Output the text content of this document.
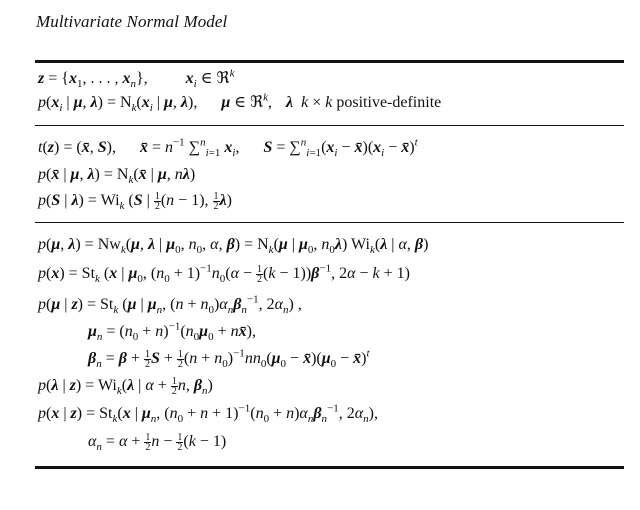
Multivariate Normal Model
$z = \{x_1$, . . . , $x_n$}, $x_i$ ∈ ℜ$^k$
$p(x_i$ | μ, $\lambda) = N_k(x_i$ | μ, λ), μ ∈ ℜ$^k$, λ k × k positive-definite
t(z) = (x̄, S), x̄ = $n^{-1}$ ∑$^n_{i=1}$ $x_i$, $S = \sum^n_{i=1}(x_i$ − $x̄)(x_i$ − x̄)$^t$
p(x̄ | μ, $\lambda) = N_k(x̄$ | μ, nλ)
p(S | $\lambda) = Wi_k$ (S | $\frac{1}{2} (n - 1)$, $\frac{1}{2} \lambda$)
p(μ, $\lambda) = Nw_k(\mu$, λ | $\mu_0$, $n_0$, α, $\beta) = N_k(\mu$ | $\mu_0$, $n_0\lambda$) $Wi_k(\lambda$ | α, β)
$p(x) = St_k$ (x | $\mu_0$, $(n_0 + 1)^{-1}n_0(\alpha - \frac{1}{2} (k - 1))\beta^{-1}$, 2α − k + 1)
p(μ | $z) = St_k$ (μ | $\mu_n$, $(n + n_0)\alpha_n\beta_n^{-1}$, $2\alpha_n$) ,
$\mu_n = (n_0 + n)^{-1}(n_0\mu_0$ + nx̄),
$\beta_n = \beta + \frac{1}{2}$ $S + \frac{1}{2} (n + n_0)^{-1}nn_0(\mu_0$ − $x̄)(\mu_0$ − x̄)$^t$
p(λ | $z) = Wi_k(\lambda$ | $\alpha + \frac{1}{2} n$, $\beta_n$)
p(x | $z) = St_k(x$ | $\mu_n$, $(n_0 + n + 1)^{-1}(n_0 + n)\alpha_n\beta_n^{-1}$, $2\alpha_n$),
$\alpha_n = \alpha + \frac{1}{2}$ $n - \frac{1}{2} (k - 1)$
